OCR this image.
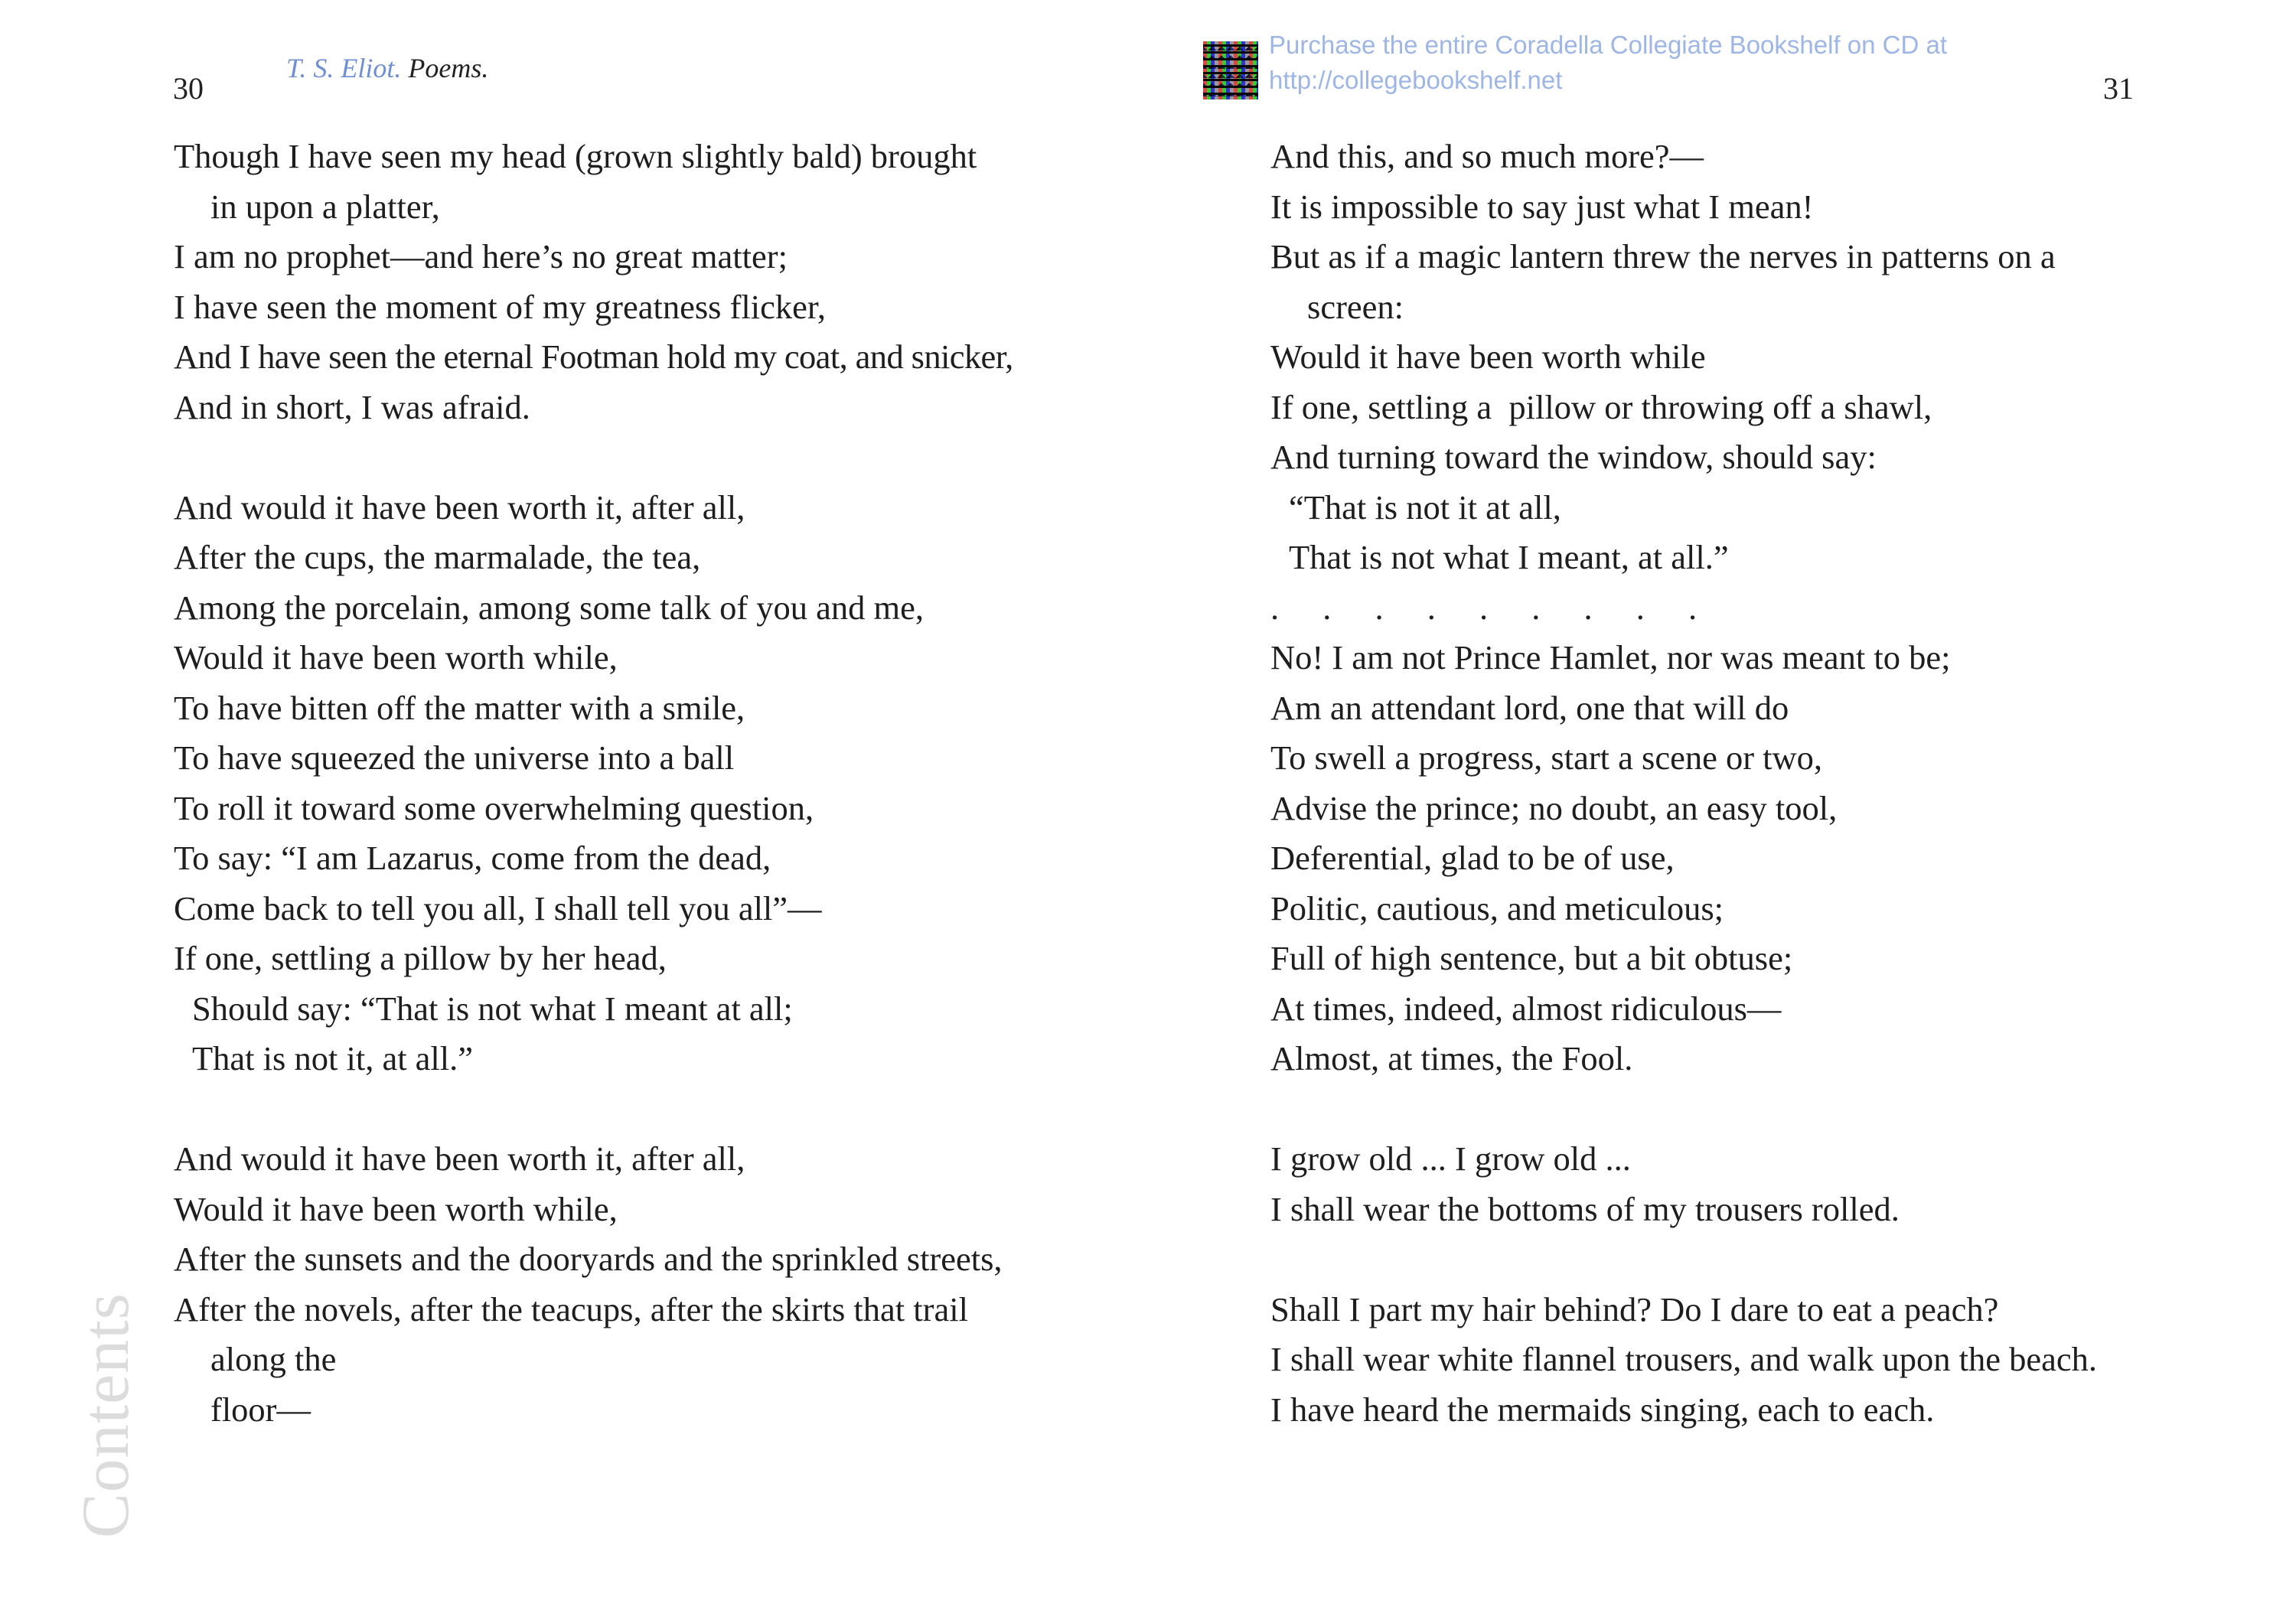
30
T. S. Eliot. Poems.
Purchase the entire Coradella Collegiate Bookshelf on CD at
http://collegebookshelf.net	31
Though I have seen my head (grown slightly bald) brought
in upon a platter,
I am no prophet—and here’s no great matter;
I have seen the moment of my greatness flicker,
And I have seen the eternal Footman hold my coat, and snicker,
And in short, I was afraid.
And would it have been worth it, after all,
After the cups, the marmalade, the tea,
Among the porcelain, among some talk of you and me,
Would it have been worth while,
To have bitten off the matter with a smile,
To have squeezed the universe into a ball
To roll it toward some overwhelming question,
To say: “I am Lazarus, come from the dead,
Come back to tell you all, I shall tell you all”—
If one, settling a pillow by her head,
Should say: “That is not what I meant at all;
That is not it, at all.”
And would it have been worth it, after all,
Would it have been worth while,
After the sunsets and the dooryards and the sprinkled streets,
After the novels, after the teacups, after the skirts that trail
along the
floor—
And this, and so much more?—
It is impossible to say just what I mean!
But as if a magic lantern threw the nerves in patterns on a
screen:
Would it have been worth while
If one, settling a  pillow or throwing off a shawl,
And turning toward the window, should say:
“That is not it at all,
That is not what I meant, at all.”
. . . . . . . . .
No! I am not Prince Hamlet, nor was meant to be;
Am an attendant lord, one that will do
To swell a progress, start a scene or two,
Advise the prince; no doubt, an easy tool,
Deferential, glad to be of use,
Politic, cautious, and meticulous;
Full of high sentence, but a bit obtuse;
At times, indeed, almost ridiculous—
Almost, at times, the Fool.
I grow old ... I grow old ...
I shall wear the bottoms of my trousers rolled.
Shall I part my hair behind? Do I dare to eat a peach?
I shall wear white flannel trousers, and walk upon the beach.
I have heard the mermaids singing, each to each.
Contents
